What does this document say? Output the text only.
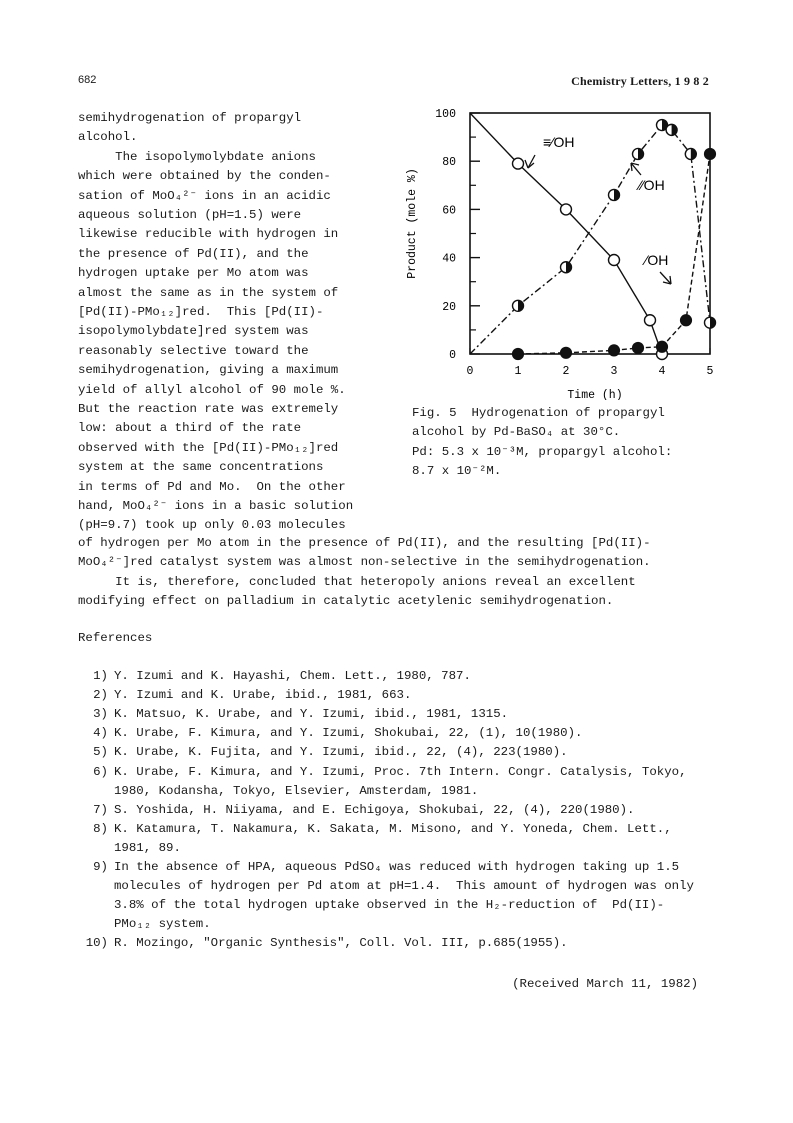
682	Chemistry Letters, 1 9 8 2
semihydrogenation of propargyl
alcohol.
The isopolymolybdate anions
which were obtained by the conden-
sation of MoO₄²⁻ ions in an acidic
aqueous solution (pH=1.5) were
likewise reducible with hydrogen in
the presence of Pd(II), and the
hydrogen uptake per Mo atom was
almost the same as in the system of
[Pd(II)-PMo₁₂]red.  This [Pd(II)-
isopolymolybdate]red system was
reasonably selective toward the
semihydrogenation, giving a maximum
yield of allyl alcohol of 90 mole %.
But the reaction rate was extremely
low: about a third of the rate
observed with the [Pd(II)-PMo₁₂]red
system at the same concentrations
in terms of Pd and Mo.  On the other
hand, MoO₄²⁻ ions in a basic solution
(pH=9.7) took up only 0.03 molecules
0
20
40
60
80
100
0	1	2	3	4	5
Time (h)
Product (mole %)
≡⁄OH
⁄⁄OH
⁄OH
Fig. 5  Hydrogenation of propargyl
alcohol by Pd-BaSO₄ at 30°C.
Pd: 5.3 x 10⁻³M, propargyl alcohol:
8.7 x 10⁻²M.
of hydrogen per Mo atom in the presence of Pd(II), and the resulting [Pd(II)-
MoO₄²⁻]red catalyst system was almost non-selective in the semihydrogenation.
It is, therefore, concluded that heteropoly anions reveal an excellent
modifying effect on palladium in catalytic acetylenic semihydrogenation.
References
1) Y. Izumi and K. Hayashi, Chem. Lett., 1980, 787.
2) Y. Izumi and K. Urabe, ibid., 1981, 663.
3) K. Matsuo, K. Urabe, and Y. Izumi, ibid., 1981, 1315.
4) K. Urabe, F. Kimura, and Y. Izumi, Shokubai, 22, (1), 10(1980).
5) K. Urabe, K. Fujita, and Y. Izumi, ibid., 22, (4), 223(1980).
6) K. Urabe, F. Kimura, and Y. Izumi, Proc. 7th Intern. Congr. Catalysis, Tokyo,
1980, Kodansha, Tokyo, Elsevier, Amsterdam, 1981.
7) S. Yoshida, H. Niiyama, and E. Echigoya, Shokubai, 22, (4), 220(1980).
8) K. Katamura, T. Nakamura, K. Sakata, M. Misono, and Y. Yoneda, Chem. Lett.,
1981, 89.
9) In the absence of HPA, aqueous PdSO₄ was reduced with hydrogen taking up 1.5
molecules of hydrogen per Pd atom at pH=1.4.  This amount of hydrogen was only
3.8% of the total hydrogen uptake observed in the H₂-reduction of  Pd(II)-
PMo₁₂ system.
10) R. Mozingo, "Organic Synthesis", Coll. Vol. III, p.685(1955).
(Received March 11, 1982)
